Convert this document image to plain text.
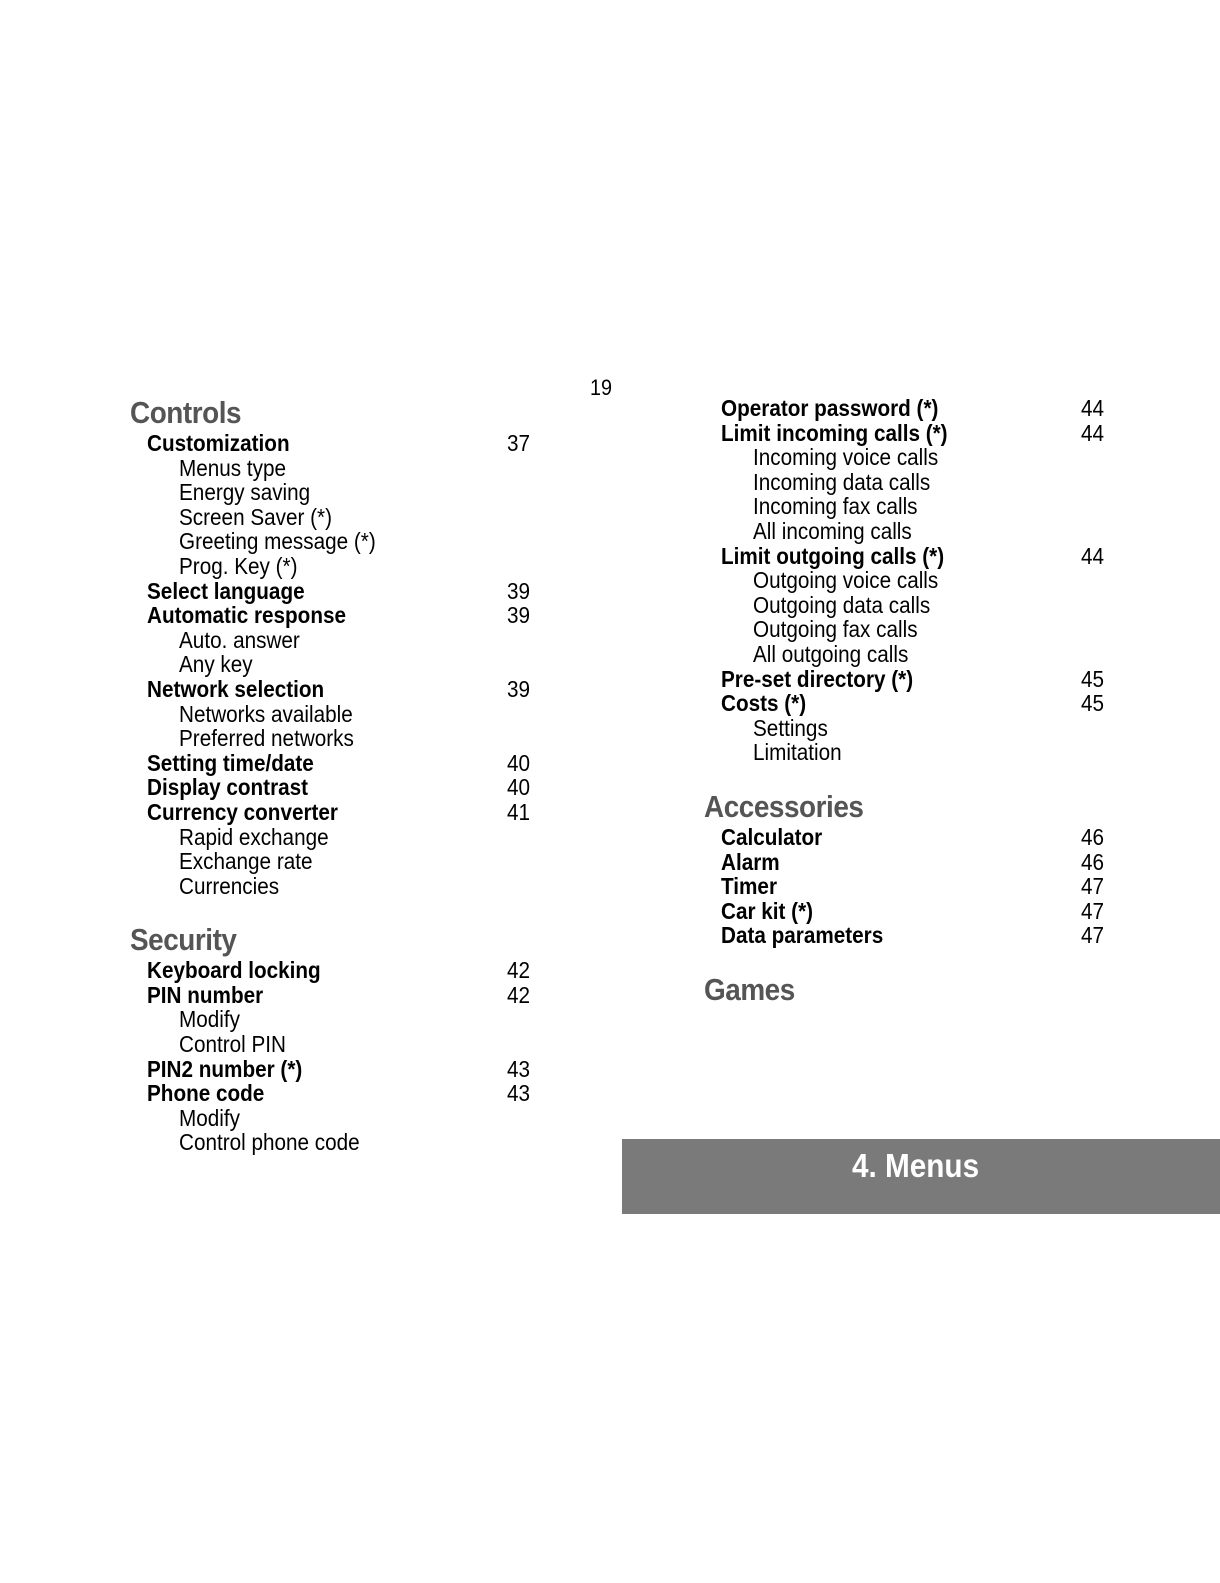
19
Controls
Customization	37
Menus type
Energy saving
Screen Saver (*)
Greeting message (*)
Prog. Key (*)
Select language	39
Automatic response	39
Auto. answer
Any key
Network selection	39
Networks available
Preferred networks
Setting time/date	40
Display contrast	40
Currency converter	41
Rapid exchange
Exchange rate
Currencies
Security
Keyboard locking	42
PIN number	42
Modify
Control PIN
PIN2 number (*)	43
Phone code	43
Modify
Control phone code
Operator password (*)	44
Limit incoming calls (*)	44
Incoming voice calls
Incoming data calls
Incoming fax calls
All incoming calls
Limit outgoing calls (*)	44
Outgoing voice calls
Outgoing data calls
Outgoing fax calls
All outgoing calls
Pre-set directory (*)	45
Costs (*)	45
Settings
Limitation
Accessories
Calculator	46
Alarm	46
Timer	47
Car kit (*)	47
Data parameters	47
Games
4. Menus
